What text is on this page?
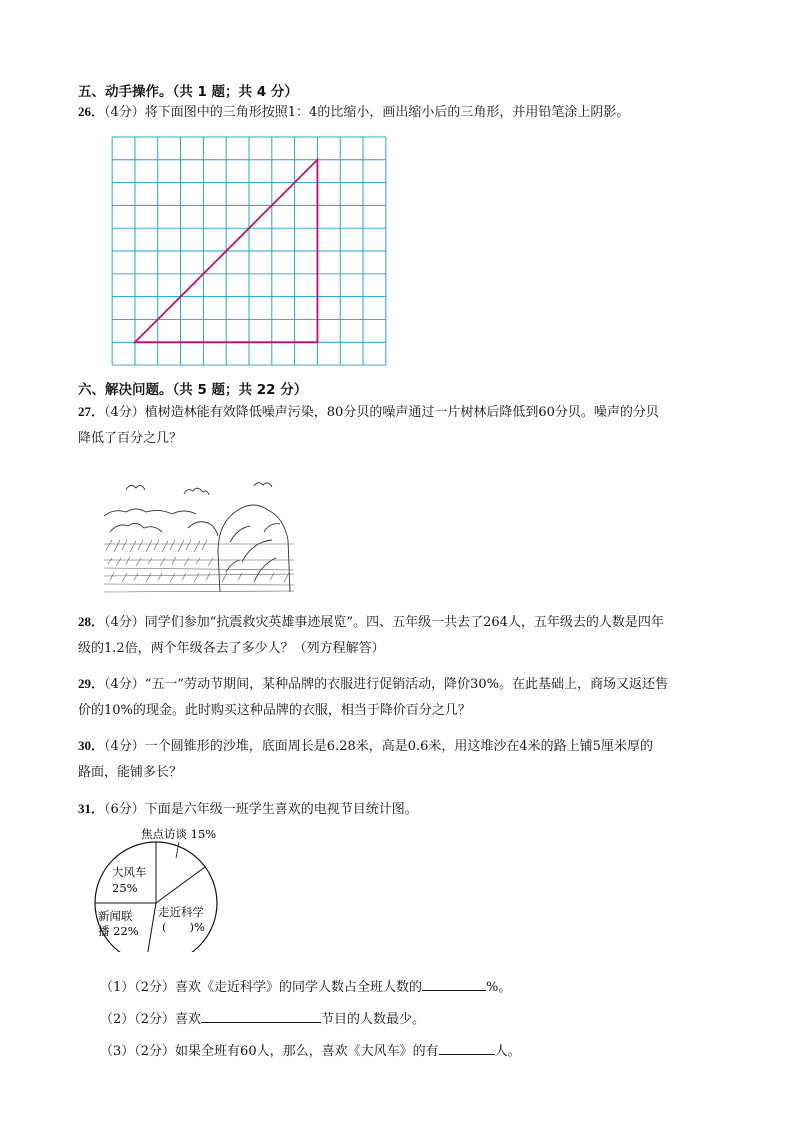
五、动手操作。（共 1 题；共 4 分）
26．（4分）将下面图中的三角形按照1：4的比缩小，画出缩小后的三角形，并用铅笔涂上阴影。
六、解决问题。（共 5 题；共 22 分）
27．（4分）植树造林能有效降低噪声污染，80分贝的噪声通过一片树林后降低到60分贝。噪声的分贝
降低了百分之几？
28．（4分）同学们参加“抗震救灾英雄事迹展览”。四、五年级一共去了264人，五年级去的人数是四年
级的1.2倍，两个年级各去了多少人？（列方程解答）
29．（4分）“五一”劳动节期间，某种品牌的衣服进行促销活动，降价30%。在此基础上，商场又返还售
价的10%的现金。此时购买这种品牌的衣服，相当于降价百分之几？
30．（4分）一个圆锥形的沙堆，底面周长是6.28米，高是0.6米，用这堆沙在4米的路上铺5厘米厚的
路面，能铺多长？
31．（6分）下面是六年级一班学生喜欢的电视节目统计图。
焦点访谈 15%
大风车
25%
新闻联
播 22%
走近科学
(　　)%
（1）（2分）喜欢《走近科学》的同学人数占全班人数的	%。
（2）（2分）喜欢	节目的人数最少。
（3）（2分）如果全班有60人，那么，喜欢《大风车》的有	人。
